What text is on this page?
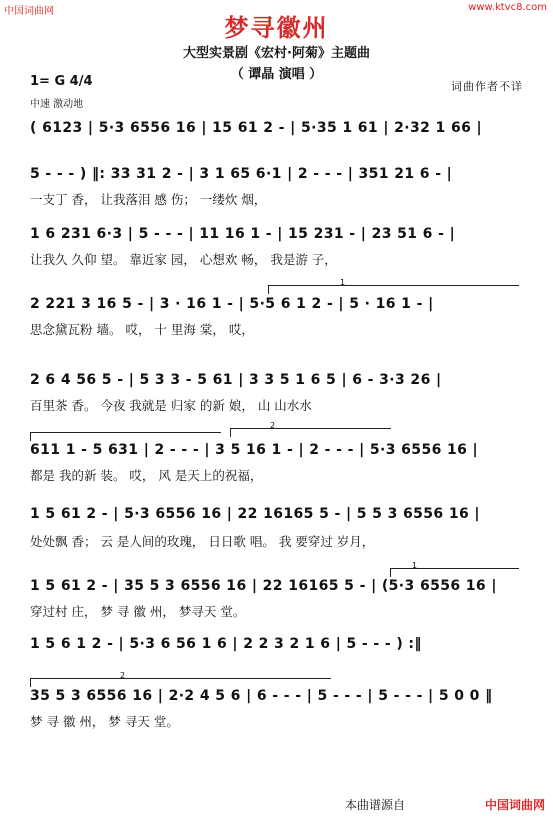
中国词曲网	www.ktvc8.com
梦寻徽州
大型实景剧《宏村·阿菊》主题曲
（ 谭晶 演唱 ）
1= G 4/4
中速 激动地
词曲作者不详
( 6123 | 5·3 6556 16 | 15 61 2 - | 5·35 1 61 | 2·32 1 66 |
5 - - - ) ‖: 33 31 2 - | 3 1 65 6·1 | 2 - - - | 351 21 6 - |
一支丁 香， 让我落泪 感 伤； 一缕炊 烟，
1 6 231 6·3 | 5 - - - | 11 16 1 - | 15 231 - | 23 51 6 - |
让我久 久仰 望。 靠近家 园， 心想欢 畅， 我是游 子，
1
2 221 3 16 5 - | 3 · 16 1 - | 5·5 6 1 2 - | 5 · 16 1 - |
思念黛瓦粉 墙。 哎， 十 里海 棠， 哎，
2 6 4 56 5 - | 5 3 3 - 5 61 | 3 3 5 1 6 5 | 6 - 3·3 26 |
百里茶 香。 今夜 我就是 归家 的新 娘， 山 山水水
2
611 1 - 5 631 | 2 - - - | 3 5 16 1 - | 2 - - - | 5·3 6556 16 |
都是 我的新 装。 哎， 风 是天上的祝福，
1 5 61 2 - | 5·3 6556 16 | 22 16165 5 - | 5 5 3 6556 16 |
处处飘 香； 云 是人间的玫瑰， 日日歌 唱。 我 要穿过 岁月，
1
1 5 61 2 - | 35 5 3 6556 16 | 22 16165 5 - | (5·3 6556 16 |
穿过村 庄， 梦 寻 徽 州， 梦寻天 堂。
1 5 6 1 2 - | 5·3 6 56 1 6 | 2 2 3 2 1 6 | 5 - - - ) :‖
2
35 5 3 6556 16 | 2·2 4 5 6 | 6 - - - | 5 - - - | 5 - - - | 5 0 0 ‖
梦 寻 徽 州， 梦 寻天 堂。
本曲谱源自	中国词曲网
